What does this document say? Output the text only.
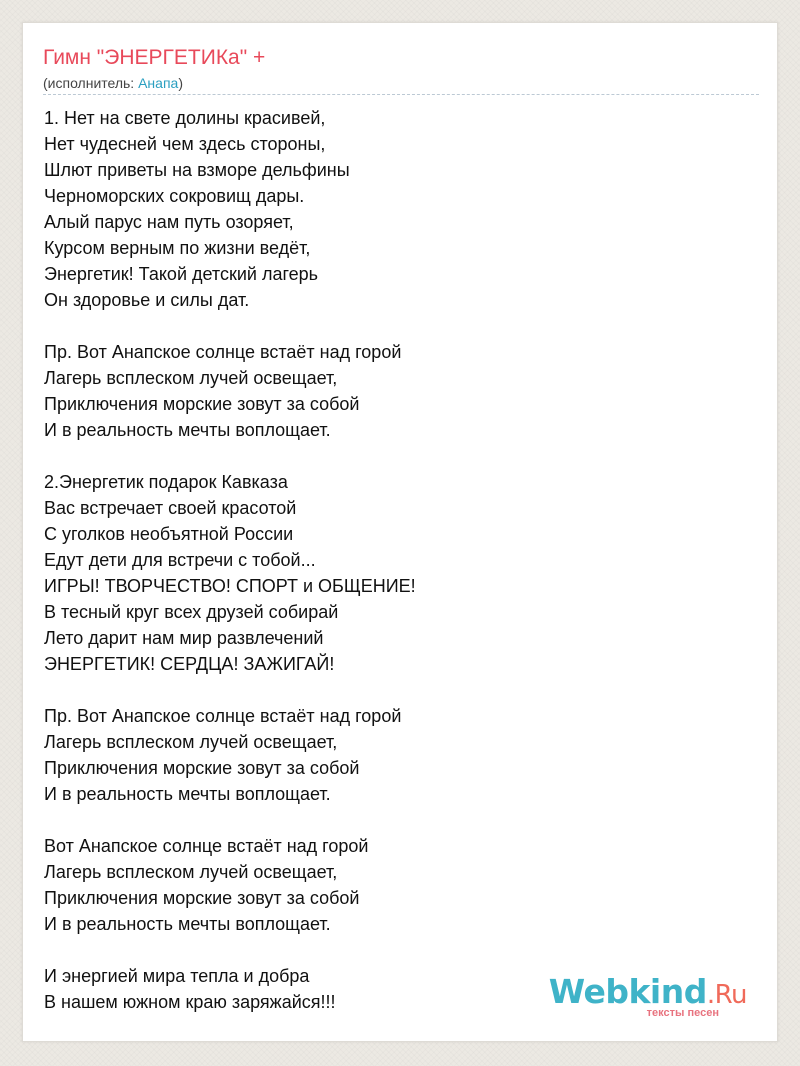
Гимн "ЭНЕРГЕТИКа" +
(исполнитель: Анапа)
1. Нет на свете долины красивей,
Нет чудесней чем здесь стороны,
Шлют приветы на взморе дельфины
Черноморских сокровищ дары.
Алый парус нам путь озоряет,
Курсом верным по жизни ведёт,
Энергетик! Такой детский лагерь
Он здоровье и силы дат.
Пр. Вот Анапское солнце встаёт над горой
Лагерь всплеском лучей освещает,
Приключения морские зовут за собой
И в реальность мечты воплощает.
2.Энергетик подарок Кавказа
Вас встречает своей красотой
С уголков необъятной России
Едут дети для встречи с тобой...
ИГРЫ! ТВОРЧЕСТВО! СПОРТ и ОБЩЕНИЕ!
В тесный круг всех друзей собирай
Лето дарит нам мир развлечений
ЭНЕРГЕТИК! СЕРДЦА! ЗАЖИГАЙ!
Пр. Вот Анапское солнце встаёт над горой
Лагерь всплеском лучей освещает,
Приключения морские зовут за собой
И в реальность мечты воплощает.
Вот Анапское солнце встаёт над горой
Лагерь всплеском лучей освещает,
Приключения морские зовут за собой
И в реальность мечты воплощает.
И энергией мира тепла и добра
В нашем южном краю заряжайся!!!	Webkind.Ru
тексты песен
